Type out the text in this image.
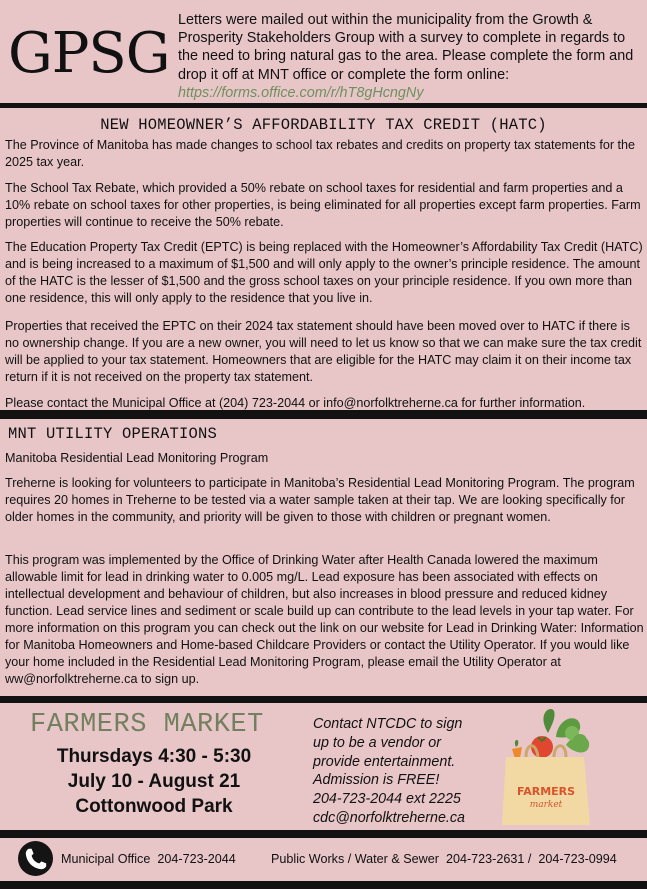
GPSG
Letters were mailed out within the municipality from the Growth & Prosperity Stakeholders Group with a survey to complete in regards to the need to bring natural gas to the area. Please complete the form and drop it off at MNT office or complete the form online:
https://forms.office.com/r/hT8gHcngNy
NEW HOMEOWNER’S AFFORDABILITY TAX CREDIT (HATC)
The Province of Manitoba has made changes to school tax rebates and credits on property tax statements for the 2025 tax year.
The School Tax Rebate, which provided a 50% rebate on school taxes for residential and farm properties and a 10% rebate on school taxes for other properties, is being eliminated for all properties except farm properties. Farm properties will continue to receive the 50% rebate.
The Education Property Tax Credit (EPTC) is being replaced with the Homeowner’s Affordability Tax Credit (HATC) and is being increased to a maximum of $1,500 and will only apply to the owner’s principle residence. The amount of the HATC is the lesser of $1,500 and the gross school taxes on your principle residence. If you own more than one residence, this will only apply to the residence that you live in.
Properties that received the EPTC on their 2024 tax statement should have been moved over to HATC if there is no ownership change. If you are a new owner, you will need to let us know so that we can make sure the tax credit will be applied to your tax statement. Homeowners that are eligible for the HATC may claim it on their income tax return if it is not received on the property tax statement.
Please contact the Municipal Office at (204) 723-2044 or info@norfolktreherne.ca for further information.
MNT UTILITY OPERATIONS
Manitoba Residential Lead Monitoring Program
Treherne is looking for volunteers to participate in Manitoba’s Residential Lead Monitoring Program. The program requires 20 homes in Treherne to be tested via a water sample taken at their tap. We are looking specifically for older homes in the community, and priority will be given to those with children or pregnant women.
This program was implemented by the Office of Drinking Water after Health Canada lowered the maximum allowable limit for lead in drinking water to 0.005 mg/L. Lead exposure has been associated with effects on intellectual development and behaviour of children, but also increases in blood pressure and reduced kidney function. Lead service lines and sediment or scale build up can contribute to the lead levels in your tap water. For more information on this program you can check out the link on our website for Lead in Drinking Water: Information for Manitoba Homeowners and Home-based Childcare Providers or contact the Utility Operator. If you would like your home included in the Residential Lead Monitoring Program, please email the Utility Operator at ww@norfolktreherne.ca to sign up.
FARMERS MARKET
Thursdays 4:30 - 5:30
July 10 - August 21
Cottonwood Park
Contact NTCDC to sign
up to be a vendor or
provide entertainment.
Admission is FREE!
204-723-2044 ext 2225
cdc@norfolktreherne.ca
FARMERS
market
Municipal Office  204-723-2044	Public Works / Water & Sewer  204-723-2631 /  204-723-0994
